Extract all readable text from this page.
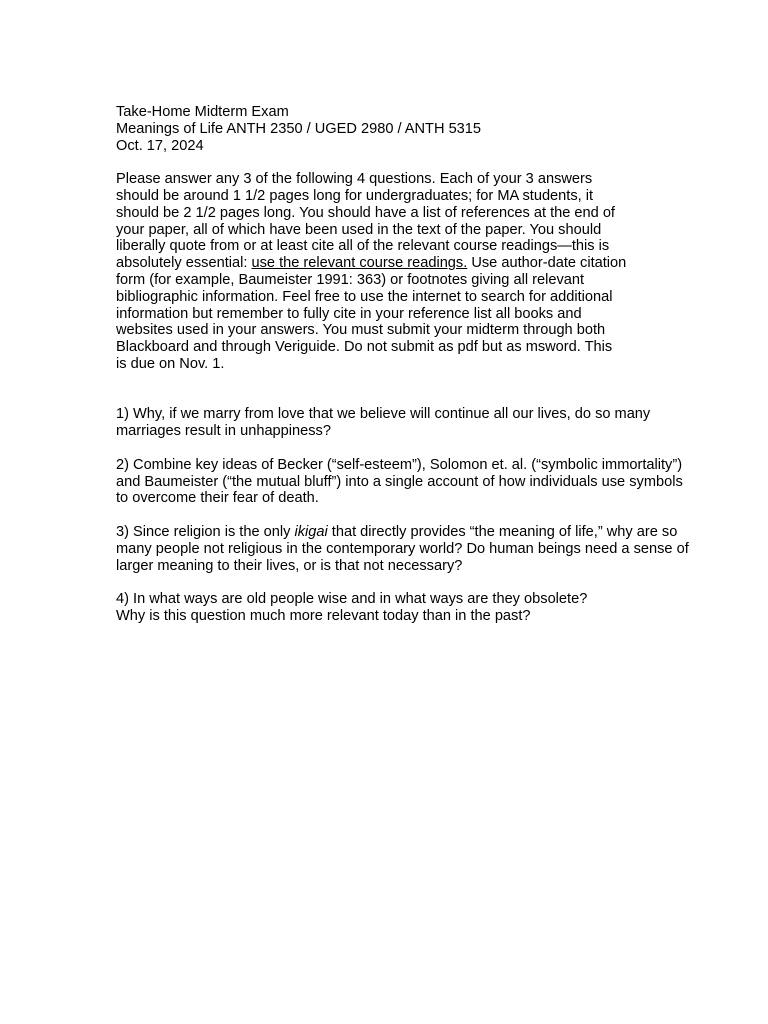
Take-Home Midterm Exam
Meanings of Life ANTH 2350 / UGED 2980 / ANTH 5315
Oct. 17, 2024
Please answer any 3 of the following 4 questions. Each of your 3 answers
should be around 1 1/2 pages long for undergraduates; for MA students, it
should be 2 1/2 pages long. You should have a list of references at the end of
your paper, all of which have been used in the text of the paper. You should
liberally quote from or at least cite all of the relevant course readings—this is
absolutely essential: use the relevant course readings. Use author-date citation
form (for example, Baumeister 1991: 363) or footnotes giving all relevant
bibliographic information. Feel free to use the internet to search for additional
information but remember to fully cite in your reference list all books and
websites used in your answers. You must submit your midterm through both
Blackboard and through Veriguide. Do not submit as pdf but as msword. This
is due on Nov. 1.
1) Why, if we marry from love that we believe will continue all our lives, do so many
marriages result in unhappiness?
2) Combine key ideas of Becker (“self-esteem”), Solomon et. al. (“symbolic immortality”)
and Baumeister (“the mutual bluff”) into a single account of how individuals use symbols
to overcome their fear of death.
3) Since religion is the only ikigai that directly provides “the meaning of life,” why are so
many people not religious in the contemporary world? Do human beings need a sense of
larger meaning to their lives, or is that not necessary?
4) In what ways are old people wise and in what ways are they obsolete?
Why is this question much more relevant today than in the past?
